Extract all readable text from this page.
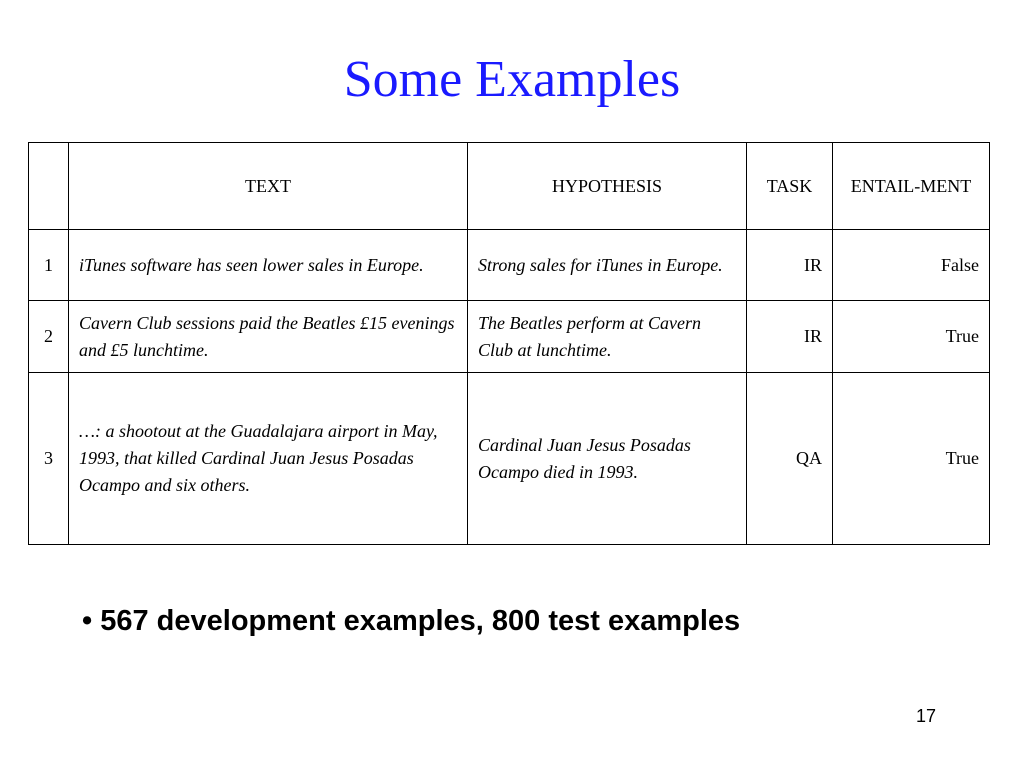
Some Examples
	TEXT	HYPOTHESIS	TASK	ENTAIL-MENT
1	iTunes software has seen lower sales in Europe.	Strong sales for iTunes in Europe.	IR	False
2	Cavern Club sessions paid the Beatles £15 evenings and £5 lunchtime.	The Beatles perform at Cavern Club at lunchtime.	IR	True
3	…: a shootout at the Guadalajara airport in May, 1993, that killed Cardinal Juan Jesus Posadas Ocampo and six others.	Cardinal Juan Jesus Posadas Ocampo died in 1993.	QA	True
• 567 development examples, 800 test examples
17
